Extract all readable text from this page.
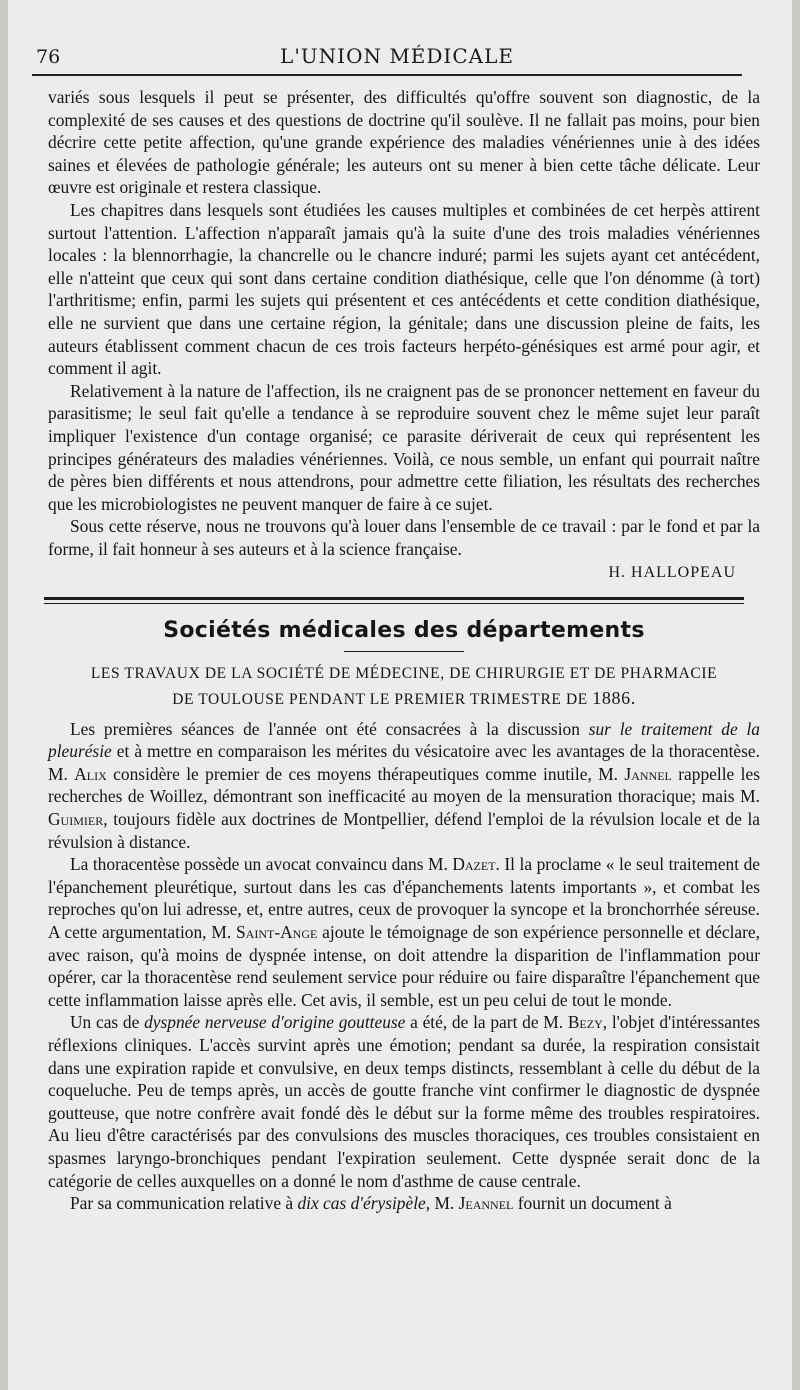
76	L'UNION MÉDICALE

variés sous lesquels il peut se présenter, des difficultés qu'offre souvent son diagnostic, de la complexité de ses causes et des questions de doctrine qu'il soulève. Il ne fallait pas moins, pour bien décrire cette petite affection, qu'une grande expérience des maladies vénériennes unie à des idées saines et élevées de pathologie générale; les auteurs ont su mener à bien cette tâche délicate. Leur œuvre est originale et restera classique.

Les chapitres dans lesquels sont étudiées les causes multiples et combinées de cet herpès attirent surtout l'attention. L'affection n'apparaît jamais qu'à la suite d'une des trois maladies vénériennes locales : la blennorrhagie, la chancrelle ou le chancre induré; parmi les sujets ayant cet antécédent, elle n'atteint que ceux qui sont dans certaine condition diathésique, celle que l'on dénomme (à tort) l'arthritisme; enfin, parmi les sujets qui présentent et ces antécédents et cette condition diathésique, elle ne survient que dans une certaine région, la génitale; dans une discussion pleine de faits, les auteurs établissent comment chacun de ces trois facteurs herpéto-génésiques est armé pour agir, et comment il agit.

Relativement à la nature de l'affection, ils ne craignent pas de se prononcer nettement en faveur du parasitisme; le seul fait qu'elle a tendance à se reproduire souvent chez le même sujet leur paraît impliquer l'existence d'un contage organisé; ce parasite dériverait de ceux qui représentent les principes générateurs des maladies vénériennes. Voilà, ce nous semble, un enfant qui pourrait naître de pères bien différents et nous attendrons, pour admettre cette filiation, les résultats des recherches que les microbiologistes ne peuvent manquer de faire à ce sujet.

Sous cette réserve, nous ne trouvons qu'à louer dans l'ensemble de ce travail : par le fond et par la forme, il fait honneur à ses auteurs et à la science française.

H. HALLOPEAU
Sociétés médicales des départements
LES TRAVAUX DE LA SOCIÉTÉ DE MÉDECINE, DE CHIRURGIE ET DE PHARMACIE
DE TOULOUSE PENDANT LE PREMIER TRIMESTRE DE 1886.

Les premières séances de l'année ont été consacrées à la discussion sur le traitement de la pleurésie et à mettre en comparaison les mérites du vésicatoire avec les avantages de la thoracentèse. M. Alix considère le premier de ces moyens thérapeutiques comme inutile, M. Jannel rappelle les recherches de Woillez, démontrant son inefficacité au moyen de la mensuration thoracique; mais M. Guimier, toujours fidèle aux doctrines de Montpellier, défend l'emploi de la révulsion locale et de la révulsion à distance.

La thoracentèse possède un avocat convaincu dans M. Dazet. Il la proclame « le seul traitement de l'épanchement pleurétique, surtout dans les cas d'épanchements latents importants », et combat les reproches qu'on lui adresse, et, entre autres, ceux de provoquer la syncope et la bronchorrhée séreuse. A cette argumentation, M. Saint-Ange ajoute le témoignage de son expérience personnelle et déclare, avec raison, qu'à moins de dyspnée intense, on doit attendre la disparition de l'inflammation pour opérer, car la thoracentèse rend seulement service pour réduire ou faire disparaître l'épanchement que cette inflammation laisse après elle. Cet avis, il semble, est un peu celui de tout le monde.

Un cas de dyspnée nerveuse d'origine goutteuse a été, de la part de M. Bezy, l'objet d'intéressantes réflexions cliniques. L'accès survint après une émotion; pendant sa durée, la respiration consistait dans une expiration rapide et convulsive, en deux temps distincts, ressemblant à celle du début de la coqueluche. Peu de temps après, un accès de goutte franche vint confirmer le diagnostic de dyspnée goutteuse, que notre confrère avait fondé dès le début sur la forme même des troubles respiratoires. Au lieu d'être caractérisés par des convulsions des muscles thoraciques, ces troubles consistaient en spasmes laryngo-bronchiques pendant l'expiration seulement. Cette dyspnée serait donc de la catégorie de celles auxquelles on a donné le nom d'asthme de cause centrale.

Par sa communication relative à dix cas d'érysipèle, M. Jeannel fournit un document à
